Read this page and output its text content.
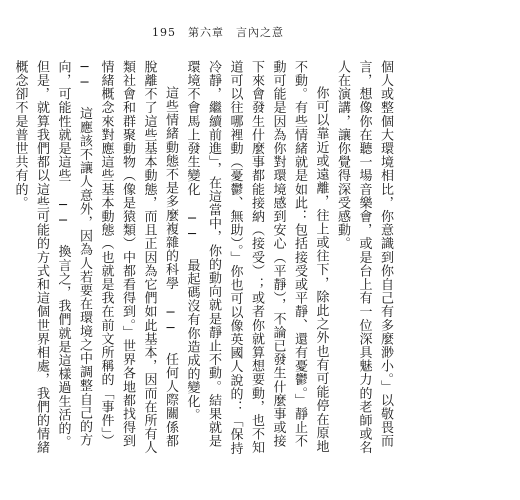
195 第六章 言內之意
個人或整個大環境相比，你意識到你自己有多麼渺小。」以敬畏而言，想像你在聽一場音樂會，或是台上有一位深具魅力的老師或名人在演講，讓你覺得深受感動。
你可以靠近或遠離，往上或往下，除此之外也有可能停在原地不動。有些情緒就是如此：包括接受或平靜、還有憂鬱。」靜止不動可能是因為你對環境感到安心（平靜），不論已發生什麼事或接下來會發生什麼事都能接納（接受）；或者你就算想要動，也不知道可以往哪裡動（憂鬱、無助）。」你也可以像英國人說的：「保持冷靜，繼續前進」，在這當中，你的動向就是靜止不動。結果就是環境不會馬上發生變化 ── 最起碼沒有你造成的變化。
這些情緒動態不是多麼複雜的科學 ── 任何人際關係都脫離不了這些基本動態，而且正因為它們如此基本，因而在所有人類社會和群聚動物（像是猿類）中都看得到。」世界各地都找得到情緒概念來對應這些基本動態（也就是我在前文所稱的「事件」）── 這應該不讓人意外，因為人若要在環境之中調整自己的方向，可能性就是這些 ── 換言之，我們就是這樣過生活的。但是，就算我們都以這些可能的方式和這個世界相處，我們的情緒概念卻不是普世共有的。
